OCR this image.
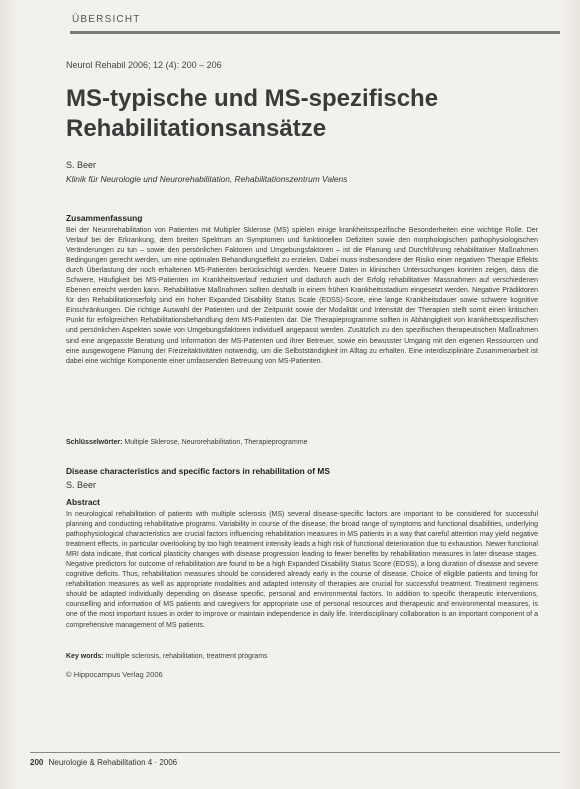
ÜBERSICHT
Neurol Rehabil 2006; 12 (4): 200 – 206
MS-typische und MS-spezifische Rehabilitationsansätze
S. Beer
Klinik für Neurologie und Neurorehabilitation, Rehabilitationszentrum Valens
Zusammenfassung

Bei der Neurorehabilitation von Patienten mit Multipler Sklerose (MS) spielen einige krankheitsspezifische Besonderheiten eine wichtige Rolle. Der Verlauf bei der Erkrankung, dem breiten Spektrum an Symptomen und funktionellen Defiziten sowie den morphologischen pathophysiologischen Veränderungen zu tun – sowie den persönlichen Faktoren und Umgebungsfaktoren – ist die Planung und Durchführung rehabilitativer Maßnahmen Bedingungen gerecht werden, um eine optimalen Behandlungseffekt zu erzielen. Dabei muss insbesondere der Risiko einer negativen Therapie Effekts durch Überlastung der noch erhaltenen MS-Patienten berücksichtigt werden. Neuere Daten in klinischen Untersuchungen konnten zeigen, dass die Schwere, Häufigkeit bei MS-Patienten im Krankheitsverlauf reduziert und dadurch auch der Erfolg rehabilitativer Massnahmen auf verschiedenen Ebenen erreicht werden kann. Rehabilitative Maßnahmen sollten deshalb in einem frühen Krankheitsstadium eingesetzt werden. Negative Prädiktoren für den Rehabilitationserfolg sind ein hoher Expanded Disability Status Scale (EDSS)-Score, eine lange Krankheitsdauer sowie schwere kognitive Einschränkungen. Die richtige Auswahl der Patienten und der Zeitpunkt sowie der Modalität und Intensität der Therapien stellt somit einen kritischen Punkt für erfolgreichen Rehabilitationsbehandlung dem MS-Patienten dar. Die Therapieprogramme sollten in Abhängigkeit von krankheitsspezifischen und persönlichen Aspekten sowie von Umgebungsfaktoren individuell angepasst werden. Zusätzlich zu den spezifischen therapeutischen Maßnahmen sind eine angepasste Beratung und Information der MS-Patienten und ihrer Betreuer, sowie ein bewusster Umgang mit den eigenen Ressourcen und eine ausgewogene Planung der Freizeitaktivitäten notwendig, um die Selbstständigkeit im Alltag zu erhalten. Eine interdisziplinäre Zusammenarbeit ist dabei eine wichtige Komponente einer umfassenden Betreuung von MS-Patienten.

Schlüsselwörter: Multiple Sklerose, Neurorehabilitation, Therapieprogramme
Disease characteristics and specific factors in rehabilitation of MS
S. Beer
Abstract

In neurological rehabilitation of patients with multiple sclerosis (MS) several disease-specific factors are important to be considered for successful planning and conducting rehabilitative programs. Variability in course of the disease, the broad range of symptoms and functional disabilities, underlying pathophysiological characteristics are crucial factors influencing rehabilitation measures in MS patients in a way that careful attention may yield negative treatment effects, in particular overlooking by too high treatment intensity leads a high risk of functional deterioration due to exhaustion. Newer functional MRI data indicate, that cortical plasticity changes with disease progression leading to fewer benefits by rehabilitation measures in later disease stages. Negative predictors for outcome of rehabilitation are found to be a high Expanded Disability Status Score (EDSS), a long duration of disease and severe cognitive deficits. Thus, rehabilitation measures should be considered already early in the course of disease. Choice of eligible patients and timing for rehabilitation measures as well as appropriate modalities and adapted intensity of therapies are crucial for successful treatment. Treatment regimens should be adapted individually depending on disease specific, personal and environmental factors. In addition to specific therapeutic interventions, counselling and information of MS patients and caregivers for appropriate use of personal resources and therapeutic and environmental measures, is one of the most important issues in order to improve or maintain independence in daily life. Interdisciplinary collaboration is an important component of a comprehensive management of MS patients.

Key words: multiple sclerosis, rehabilitation, treatment programs
© Hippocampus Verlag 2006
200 Neurologie & Rehabilitation 4 · 2006
